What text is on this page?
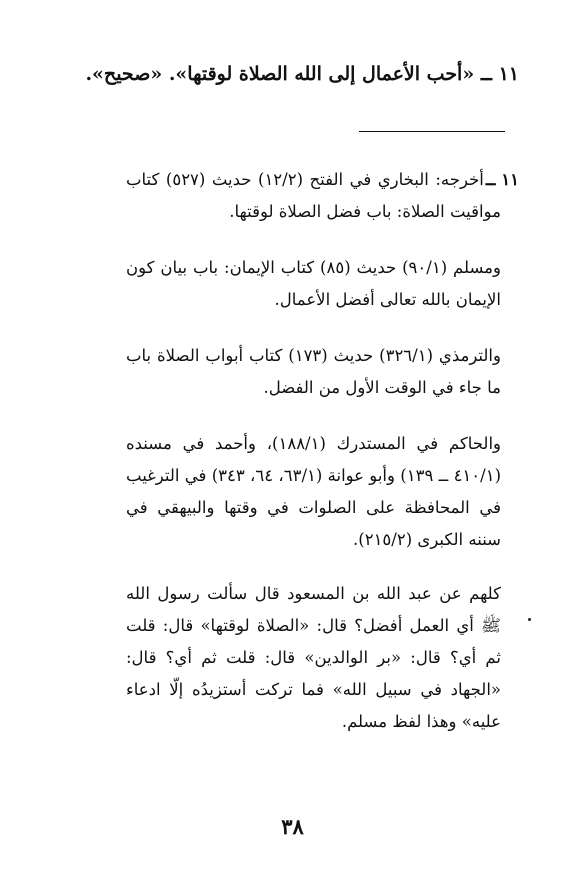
١١ ــ «أحب الأعمال إلى الله الصلاة لوقتها». «صحيح».

١١ ــ

أخرجه: البخاري في الفتح (١٢/٢) حديث (٥٢٧) كتاب مواقيت الصلاة: باب فضل الصلاة لوقتها.

ومسلم (٩٠/١) حديث (٨٥) كتاب الإيمان: باب بيان كون الإيمان بالله تعالى أفضل الأعمال.

والترمذي (٣٢٦/١) حديث (١٧٣) كتاب أبواب الصلاة باب ما جاء في الوقت الأول من الفضل.

والحاكم في المستدرك (١٨٨/١)، وأحمد في مسنده (٤١٠/١ ــ ١٣٩) وأبو عوانة (٦٣/١، ٦٤، ٣٤٣) في الترغيب في المحافظة على الصلوات في وقتها والبيهقي في سننه الكبرى (٢١٥/٢).

كلهم عن عبد الله بن المسعود قال سألت رسول الله ﷺ أي العمل أفضل؟ قال: «الصلاة لوقتها» قال: قلت ثم أي؟ قال: «بر الوالدين» قال: قلت ثم أي؟ قال: «الجهاد في سبيل الله» فما تركت أستزيدُه إلّا ادعاء عليه» وهذا لفظ مسلم.

٣٨
